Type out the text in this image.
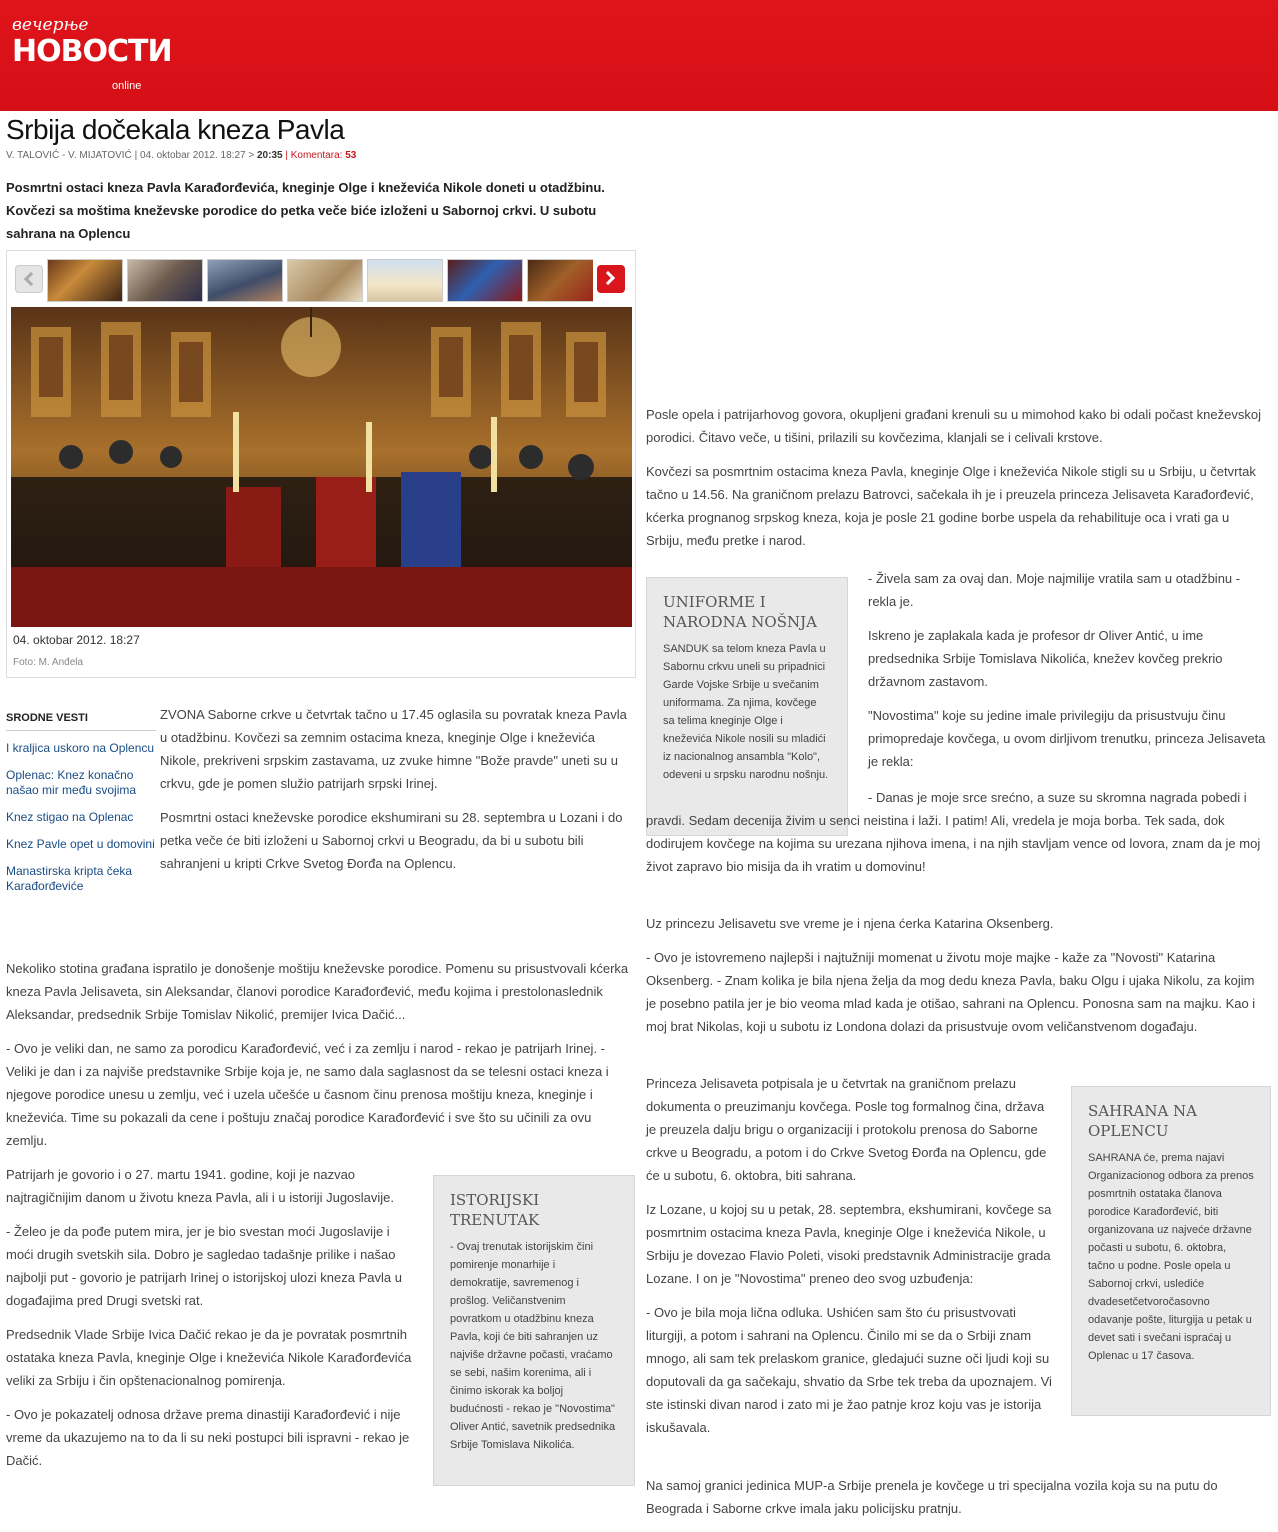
вечерње
НОВОСТИ
online
Srbija dočekala kneza Pavla
V. TALOVIĆ - V. MIJATOVIĆ | 04. oktobar 2012. 18:27 > 20:35 | Komentara: 53
Posmrtni ostaci kneza Pavla Karađorđevića, kneginje Olge i kneževića Nikole doneti u otadžbinu. Kovčezi sa moštima kneževske porodice do petka veče biće izloženi u Sabornoj crkvi. U subotu sahrana na Oplencu
04. oktobar 2012. 18:27
Foto: M. Anđela
SRODNE VESTI
I kraljica uskoro na Oplencu
Oplenac: Knez konačno našao mir među svojima
Knez stigao na Oplenac
Knez Pavle opet u domovini
Manastirska kripta čeka Karađorđeviće

ZVONA Saborne crkve u četvrtak tačno u 17.45 oglasila su povratak kneza Pavla u otadžbinu. Kovčezi sa zemnim ostacima kneza, kneginje Olge i kneževića Nikole, prekriveni srpskim zastavama, uz zvuke himne "Bože pravde" uneti su u crkvu, gde je pomen služio patrijarh srpski Irinej.

Posmrtni ostaci kneževske porodice ekshumirani su 28. septembra u Lozani i do petka veče će biti izloženi u Sabornoj crkvi u Beogradu, da bi u subotu bili sahranjeni u kripti Crkve Svetog Đorđa na Oplencu.

Nekoliko stotina građana ispratilo je donošenje moštiju kneževske porodice. Pomenu su prisustvovali kćerka kneza Pavla Jelisaveta, sin Aleksandar, članovi porodice Karađorđević, među kojima i prestolonaslednik Aleksandar, predsednik Srbije Tomislav Nikolić, premijer Ivica Dačić...

- Ovo je veliki dan, ne samo za porodicu Karađorđević, već i za zemlju i narod - rekao je patrijarh Irinej. - Veliki je dan i za najviše predstavnike Srbije koja je, ne samo dala saglasnost da se telesni ostaci kneza i njegove porodice unesu u zemlju, već i uzela učešće u časnom činu prenosa moštiju kneza, kneginje i kneževića. Time su pokazali da cene i poštuju značaj porodice Karađorđević i sve što su učinili za ovu zemlju.

Patrijarh je govorio i o 27. martu 1941. godine, koji je nazvao najtragičnijim danom u životu kneza Pavla, ali i u istoriji Jugoslavije.

- Želeo je da pođe putem mira, jer je bio svestan moći Jugoslavije i moći drugih svetskih sila. Dobro je sagledao tadašnje prilike i našao najbolji put - govorio je patrijarh Irinej o istorijskoj ulozi kneza Pavla u događajima pred Drugi svetski rat.

Predsednik Vlade Srbije Ivica Dačić rekao je da je povratak posmrtnih ostataka kneza Pavla, kneginje Olge i kneževića Nikole Karađorđevića veliki za Srbiju i čin opštenacionalnog pomirenja.

- Ovo je pokazatelj odnosa države prema dinastiji Karađorđević i nije vreme da ukazujemo na to da li su neki postupci bili ispravni - rekao je Dačić.

ISTORIJSKI TRENUTAK
- Ovaj trenutak istorijskim čini pomirenje monarhije i demokratije, savremenog i prošlog. Veličanstvenim povratkom u otadžbinu kneza Pavla, koji će biti sahranjen uz najviše državne počasti, vraćamo se sebi, našim korenima, ali i činimo iskorak ka boljoj budućnosti - rekao je "Novostima" Oliver Antić, savetnik predsednika Srbije Tomislava Nikolića.

Posle opela i patrijarhovog govora, okupljeni građani krenuli su u mimohod kako bi odali počast kneževskoj porodici. Čitavo veče, u tišini, prilazili su kovčezima, klanjali se i celivali krstove.

Kovčezi sa posmrtnim ostacima kneza Pavla, kneginje Olge i kneževića Nikole stigli su u Srbiju, u četvrtak tačno u 14.56. Na graničnom prelazu Batrovci, sačekala ih je i preuzela princeza Jelisaveta Karađorđević, kćerka prognanog srpskog kneza, koja je posle 21 godine borbe uspela da rehabilituje oca i vrati ga u Srbiju, među pretke i narod.

UNIFORME I NARODNA NOŠNJA
SANDUK sa telom kneza Pavla u Sabornu crkvu uneli su pripadnici Garde Vojske Srbije u svečanim uniformama. Za njima, kovčege sa telima kneginje Olge i kneževića Nikole nosili su mladići iz nacionalnog ansambla "Kolo", odeveni u srpsku narodnu nošnju.

- Živela sam za ovaj dan. Moje najmilije vratila sam u otadžbinu - rekla je.

Iskreno je zaplakala kada je profesor dr Oliver Antić, u ime predsednika Srbije Tomislava Nikolića, knežev kovčeg prekrio državnom zastavom.

"Novostima" koje su jedine imale privilegiju da prisustvuju činu primopredaje kovčega, u ovom dirljivom trenutku, princeza Jelisaveta je rekla:

- Danas je moje srce srećno, a suze su skromna nagrada pobedi i pravdi. Sedam decenija živim u senci neistina i laži. I patim! Ali, vredela je moja borba. Tek sada, dok dodirujem kovčege na kojima su urezana njihova imena, i na njih stavljam vence od lovora, znam da je moj život zapravo bio misija da ih vratim u domovinu!

Uz princezu Jelisavetu sve vreme je i njena ćerka Katarina Oksenberg.

- Ovo je istovremeno najlepši i najtužniji momenat u životu moje majke - kaže za "Novosti" Katarina Oksenberg. - Znam kolika je bila njena želja da mog dedu kneza Pavla, baku Olgu i ujaka Nikolu, za kojim je posebno patila jer je bio veoma mlad kada je otišao, sahrani na Oplencu. Ponosna sam na majku. Kao i moj brat Nikolas, koji u subotu iz Londona dolazi da prisustvuje ovom veličanstvenom događaju.

SAHRANA NA OPLENCU
SAHRANA će, prema najavi Organizacionog odbora za prenos posmrtnih ostataka članova porodice Karađorđević, biti organizovana uz najveće državne počasti u subotu, 6. oktobra, tačno u podne. Posle opela u Sabornoj crkvi, uslediće dvadesetčetvoročasovno odavanje pošte, liturgija u petak u devet sati i svečani ispraćaj u Oplenac u 17 časova.

Princeza Jelisaveta potpisala je u četvrtak na graničnom prelazu dokumenta o preuzimanju kovčega. Posle tog formalnog čina, država je preuzela dalju brigu o organizaciji i protokolu prenosa do Saborne crkve u Beogradu, a potom i do Crkve Svetog Đorđa na Oplencu, gde će u subotu, 6. oktobra, biti sahrana.

Iz Lozane, u kojoj su u petak, 28. septembra, ekshumirani, kovčege sa posmrtnim ostacima kneza Pavla, kneginje Olge i kneževića Nikole, u Srbiju je dovezao Flavio Poleti, visoki predstavnik Administracije grada Lozane. I on je "Novostima" preneo deo svog uzbuđenja:

- Ovo je bila moja lična odluka. Ushićen sam što ću prisustvovati liturgiji, a potom i sahrani na Oplencu. Činilo mi se da o Srbiji znam mnogo, ali sam tek prelaskom granice, gledajući suzne oči ljudi koji su doputovali da ga sačekaju, shvatio da Srbe tek treba da upoznajem. Vi ste istinski divan narod i zato mi je žao patnje kroz koju vas je istorija iskušavala.

Na samoj granici jedinica MUP-a Srbije prenela je kovčege u tri specijalna vozila koja su na putu do Beograda i Saborne crkve imala jaku policijsku pratnju.
